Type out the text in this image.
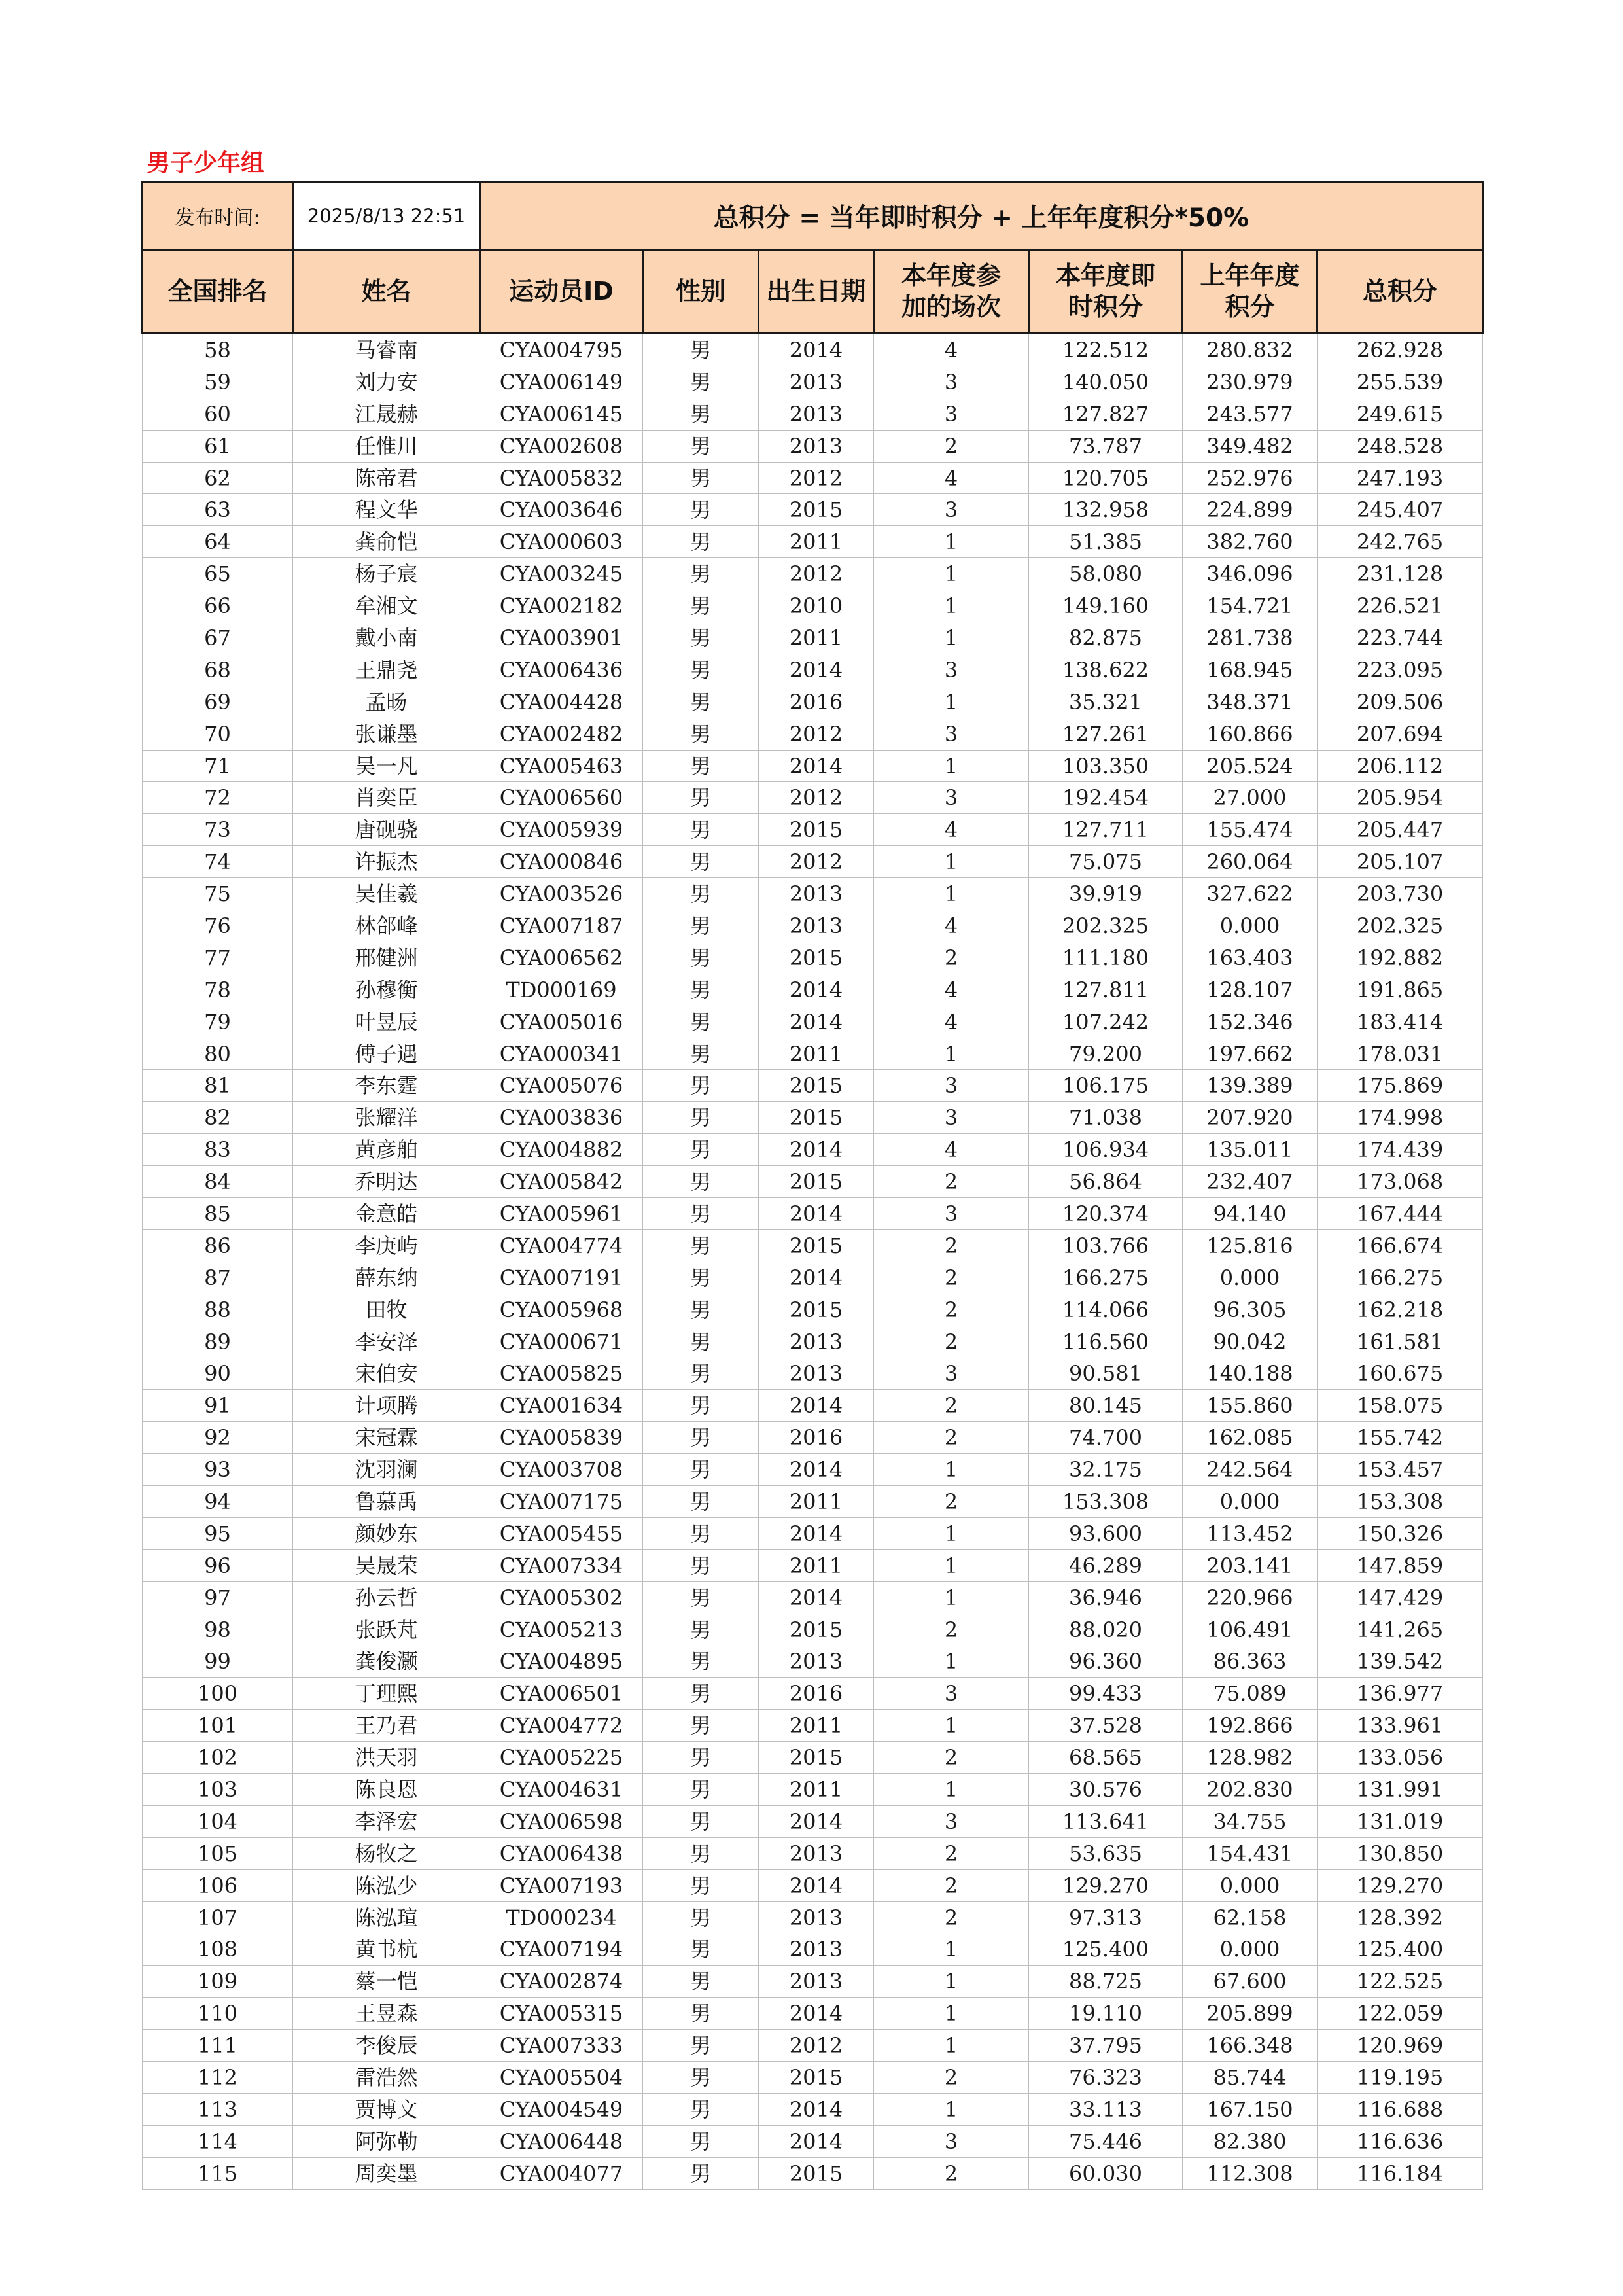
男子少年组
发布时间:	2025/8/13 22:51	总积分 = 当年即时积分 + 上年年度积分*50%						
全国排名	姓名	运动员ID	性别	出生日期	本年度参加的场次	本年度即时积分	上年年度积分	总积分
58	马睿南	CYA004795	男	2014	4	122.512	280.832	262.928
59	刘力安	CYA006149	男	2013	3	140.050	230.979	255.539
60	江晟赫	CYA006145	男	2013	3	127.827	243.577	249.615
61	任惟川	CYA002608	男	2013	2	73.787	349.482	248.528
62	陈帝君	CYA005832	男	2012	4	120.705	252.976	247.193
63	程文华	CYA003646	男	2015	3	132.958	224.899	245.407
64	龚俞恺	CYA000603	男	2011	1	51.385	382.760	242.765
65	杨子宸	CYA003245	男	2012	1	58.080	346.096	231.128
66	牟湘文	CYA002182	男	2010	1	149.160	154.721	226.521
67	戴小南	CYA003901	男	2011	1	82.875	281.738	223.744
68	王鼎尧	CYA006436	男	2014	3	138.622	168.945	223.095
69	孟旸	CYA004428	男	2016	1	35.321	348.371	209.506
70	张谦墨	CYA002482	男	2012	3	127.261	160.866	207.694
71	吴一凡	CYA005463	男	2014	1	103.350	205.524	206.112
72	肖奕臣	CYA006560	男	2012	3	192.454	27.000	205.954
73	唐砚骁	CYA005939	男	2015	4	127.711	155.474	205.447
74	许振杰	CYA000846	男	2012	1	75.075	260.064	205.107
75	吴佳羲	CYA003526	男	2013	1	39.919	327.622	203.730
76	林郃峰	CYA007187	男	2013	4	202.325	0.000	202.325
77	邢健洲	CYA006562	男	2015	2	111.180	163.403	192.882
78	孙穆衡	TD000169	男	2014	4	127.811	128.107	191.865
79	叶昱辰	CYA005016	男	2014	4	107.242	152.346	183.414
80	傅子遇	CYA000341	男	2011	1	79.200	197.662	178.031
81	李东霆	CYA005076	男	2015	3	106.175	139.389	175.869
82	张耀洋	CYA003836	男	2015	3	71.038	207.920	174.998
83	黄彦舶	CYA004882	男	2014	4	106.934	135.011	174.439
84	乔明达	CYA005842	男	2015	2	56.864	232.407	173.068
85	金意皓	CYA005961	男	2014	3	120.374	94.140	167.444
86	李庚屿	CYA004774	男	2015	2	103.766	125.816	166.674
87	薛东纳	CYA007191	男	2014	2	166.275	0.000	166.275
88	田牧	CYA005968	男	2015	2	114.066	96.305	162.218
89	李安泽	CYA000671	男	2013	2	116.560	90.042	161.581
90	宋伯安	CYA005825	男	2013	3	90.581	140.188	160.675
91	计项腾	CYA001634	男	2014	2	80.145	155.860	158.075
92	宋冠霖	CYA005839	男	2016	2	74.700	162.085	155.742
93	沈羽澜	CYA003708	男	2014	1	32.175	242.564	153.457
94	鲁慕禹	CYA007175	男	2011	2	153.308	0.000	153.308
95	颜妙东	CYA005455	男	2014	1	93.600	113.452	150.326
96	吴晟荣	CYA007334	男	2011	1	46.289	203.141	147.859
97	孙云哲	CYA005302	男	2014	1	36.946	220.966	147.429
98	张跃芃	CYA005213	男	2015	2	88.020	106.491	141.265
99	龚俊灏	CYA004895	男	2013	1	96.360	86.363	139.542
100	丁理熙	CYA006501	男	2016	3	99.433	75.089	136.977
101	王乃君	CYA004772	男	2011	1	37.528	192.866	133.961
102	洪天羽	CYA005225	男	2015	2	68.565	128.982	133.056
103	陈良恩	CYA004631	男	2011	1	30.576	202.830	131.991
104	李泽宏	CYA006598	男	2014	3	113.641	34.755	131.019
105	杨牧之	CYA006438	男	2013	2	53.635	154.431	130.850
106	陈泓少	CYA007193	男	2014	2	129.270	0.000	129.270
107	陈泓瑄	TD000234	男	2013	2	97.313	62.158	128.392
108	黄书杭	CYA007194	男	2013	1	125.400	0.000	125.400
109	蔡一恺	CYA002874	男	2013	1	88.725	67.600	122.525
110	王昱森	CYA005315	男	2014	1	19.110	205.899	122.059
111	李俊辰	CYA007333	男	2012	1	37.795	166.348	120.969
112	雷浩然	CYA005504	男	2015	2	76.323	85.744	119.195
113	贾博文	CYA004549	男	2014	1	33.113	167.150	116.688
114	阿弥勒	CYA006448	男	2014	3	75.446	82.380	116.636
115	周奕墨	CYA004077	男	2015	2	60.030	112.308	116.184
